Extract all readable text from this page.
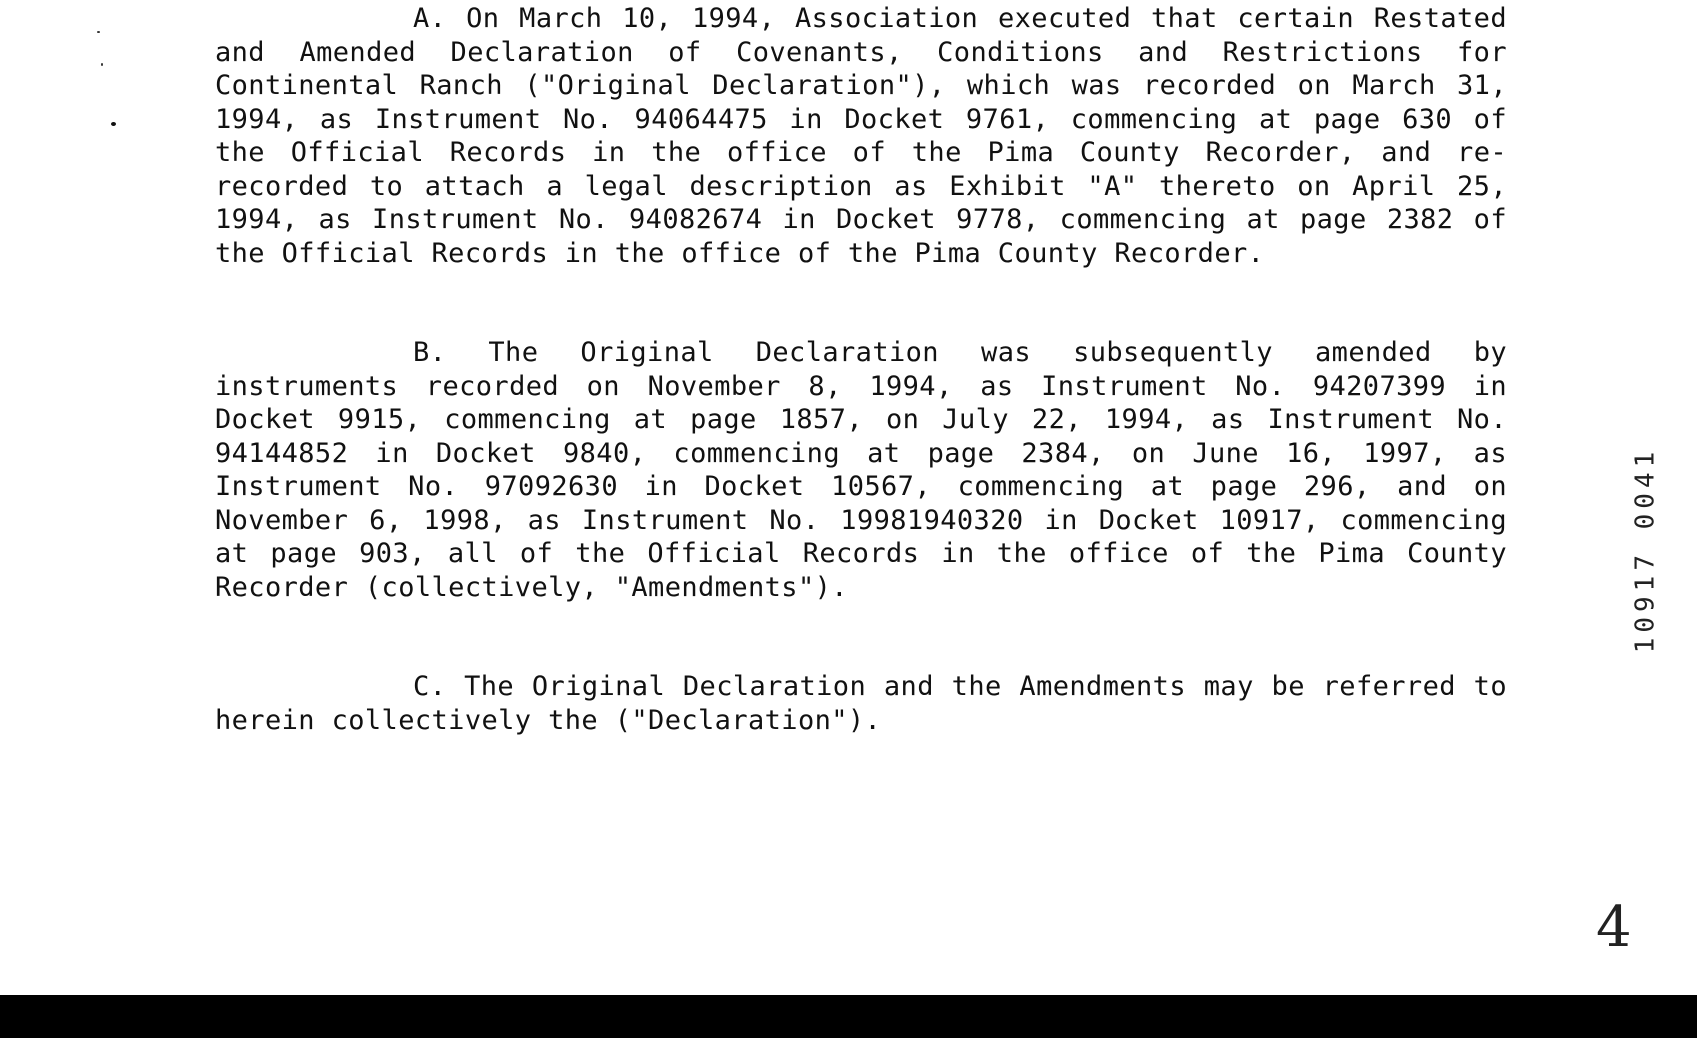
A. On March 10, 1994, Association executed that certain Restated and Amended Declaration of Covenants, Conditions and Restrictions for Continental Ranch ("Original Declaration"), which was recorded on March 31, 1994, as Instrument No. 94064475 in Docket 9761, commencing at page 630 of the Official Records in the office of the Pima County Recorder, and re-recorded to attach a legal description as Exhibit "A" thereto on April 25, 1994, as Instrument No. 94082674 in Docket 9778, commencing at page 2382 of the Official Records in the office of the Pima County Recorder.

B. The Original Declaration was subsequently amended by instruments recorded on November 8, 1994, as Instrument No. 94207399 in Docket 9915, commencing at page 1857, on July 22, 1994, as Instrument No. 94144852 in Docket 9840, commencing at page 2384, on June 16, 1997, as Instrument No. 97092630 in Docket 10567, commencing at page 296, and on November 6, 1998, as Instrument No. 19981940320 in Docket 10917, commencing at page 903, all of the Official Records in the office of the Pima County Recorder (collectively, "Amendments").

C. The Original Declaration and the Amendments may be referred to herein collectively the ("Declaration").

10917 0041
4
